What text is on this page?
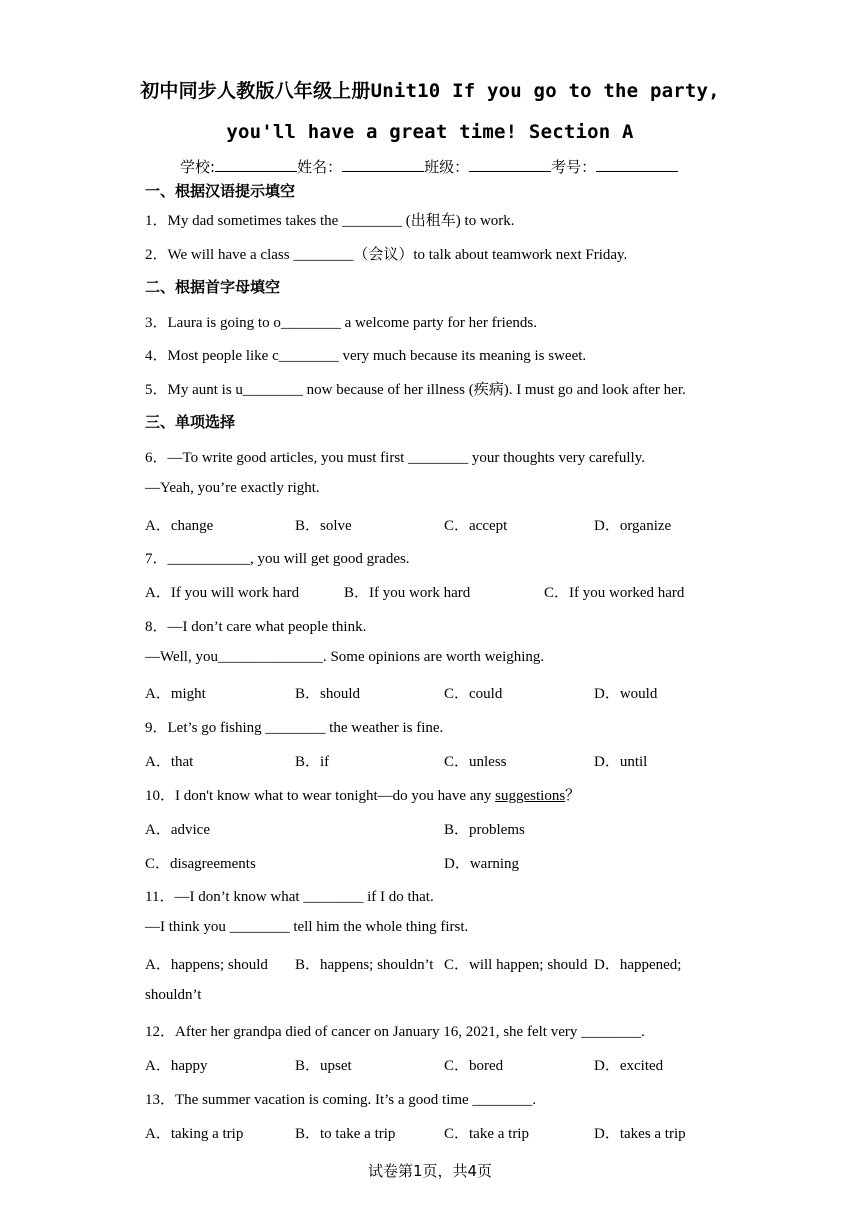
初中同步人教版八年级上册Unit10 If you go to the party,
you'll have a great time! Section A
学校:	姓名：	班级：	考号：
一、根据汉语提示填空
1．My dad sometimes takes the ________ (出租车) to work.
2．We will have a class ________（会议）to talk about teamwork next Friday.
二、根据首字母填空
3．Laura is going to o________ a welcome party for her friends.
4．Most people like c________ very much because its meaning is sweet.
5．My aunt is u________ now because of her illness (疾病). I must go and look after her.
三、单项选择
6．—To write good articles, you must first ________ your thoughts very carefully.
—Yeah, you’re exactly right.
A．change	B．solve	C．accept	D．organize
7．___________, you will get good grades.
A．If you will work hard	B．If you work hard	C．If you worked hard
8．—I don’t care what people think.
—Well, you______________. Some opinions are worth weighing.
A．might	B．should	C．could	D．would
9．Let’s go fishing ________ the weather is fine.
A．that	B．if	C．unless	D．until
10．I don't know what to wear tonight—do you have any suggestions？
A．advice	B．problems
C．disagreements	D．warning
11．—I don’t know what ________ if I do that.
—I think you ________ tell him the whole thing first.
A．happens; should B．happens; shouldn’t C．will happen; should D．happened;
shouldn’t
12．After her grandpa died of cancer on January 16, 2021, she felt very ________.
A．happy	B．upset	C．bored	D．excited
13．The summer vacation is coming. It’s a good time ________.
A．taking a trip	B．to take a trip	C．take a trip	D．takes a trip
试卷第1页，共4页
